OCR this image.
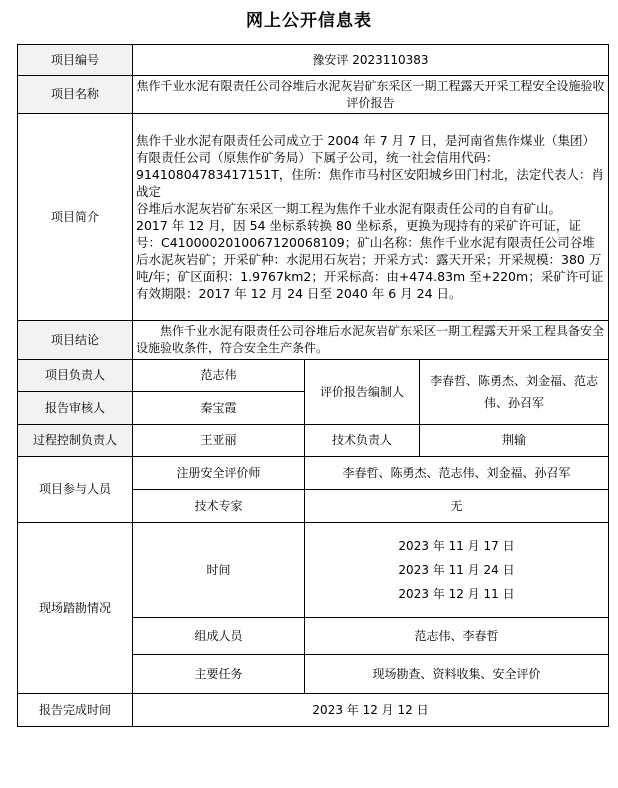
网上公开信息表
项目编号	豫安评 2023110383		
项目名称	焦作千业水泥有限责任公司谷堆后水泥灰岩矿东采区一期工程露天开采工程安全设施验收评价报告		
项目简介	焦作千业水泥有限责任公司成立于 2004 年 7 月 7 日，是河南省焦作煤业（集团）有限责任公司（原焦作矿务局）下属子公司，统一社会信用代码：91410804783417151T，住所：焦作市马村区安阳城乡田门村北，法定代表人：肖战定

谷堆后水泥灰岩矿东采区一期工程为焦作千业水泥有限责任公司的自有矿山。

2017 年 12 月，因 54 坐标系转换 80 坐标系，更换为现持有的采矿许可证，证号：C4100002010067120068109；矿山名称：焦作千业水泥有限责任公司谷堆后水泥灰岩矿；开采矿种：水泥用石灰岩；开采方式：露天开采；开采规模：380 万吨/年；矿区面积：1.9767km2；开采标高：由+474.83m 至+220m；采矿许可证有效期限：2017 年 12 月 24 日至 2040 年 6 月 24 日。		

项目结论	焦作千业水泥有限责任公司谷堆后水泥灰岩矿东采区一期工程露天开采工程具备安全设施验收条件，符合安全生产条件。		
项目负责人	范志伟	评价报告编制人	李春哲、陈勇杰、刘金福、范志伟、孙召军
报告审核人	秦宝霞		
过程控制负责人	王亚丽	技术负责人	荆输
项目参与人员	注册安全评价师	李春哲、陈勇杰、范志伟、刘金福、孙召军	
	技术专家	无	
现场踏勘情况	时间	2023 年 11 月 17 日
2023 年 11 月 24 日
2023 年 12 月 11 日	

	组成人员	范志伟、李春哲	
	主要任务	现场勘查、资料收集、安全评价	
报告完成时间	2023 年 12 月 12 日		
